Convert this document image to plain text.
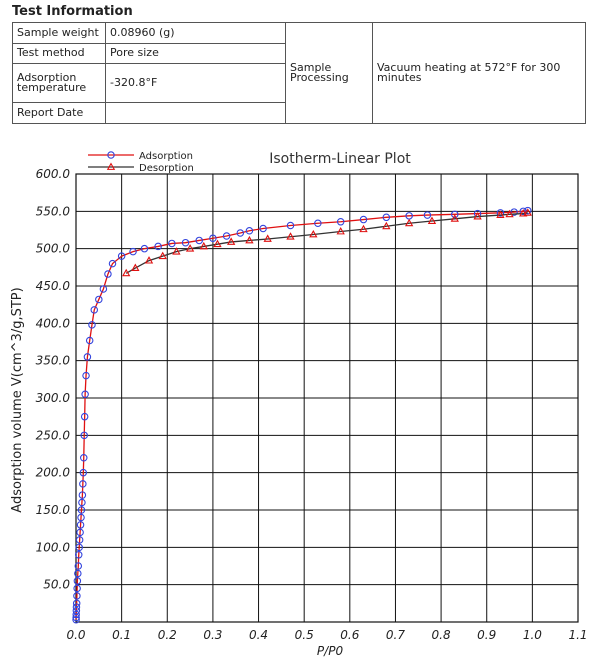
Test Information
Sample weight	0.08960 (g)	Sample Processing	Vacuum heating at 572°F for 300 minutes
Test method	Pore size		
Adsorption temperature	-320.8°F		
Report Date			
0.0 0.1 0.2 0.3 0.4 0.5 0.6 0.7 0.8 0.9 1.0 1.1
50.0
100.0
150.0
200.0
250.0
300.0
350.0
400.0
450.0
500.0
550.0
600.0
Adsorption
Desorption
Isotherm-Linear Plot
P/P0
Adsorption volume V(cm^3/g,STP)
